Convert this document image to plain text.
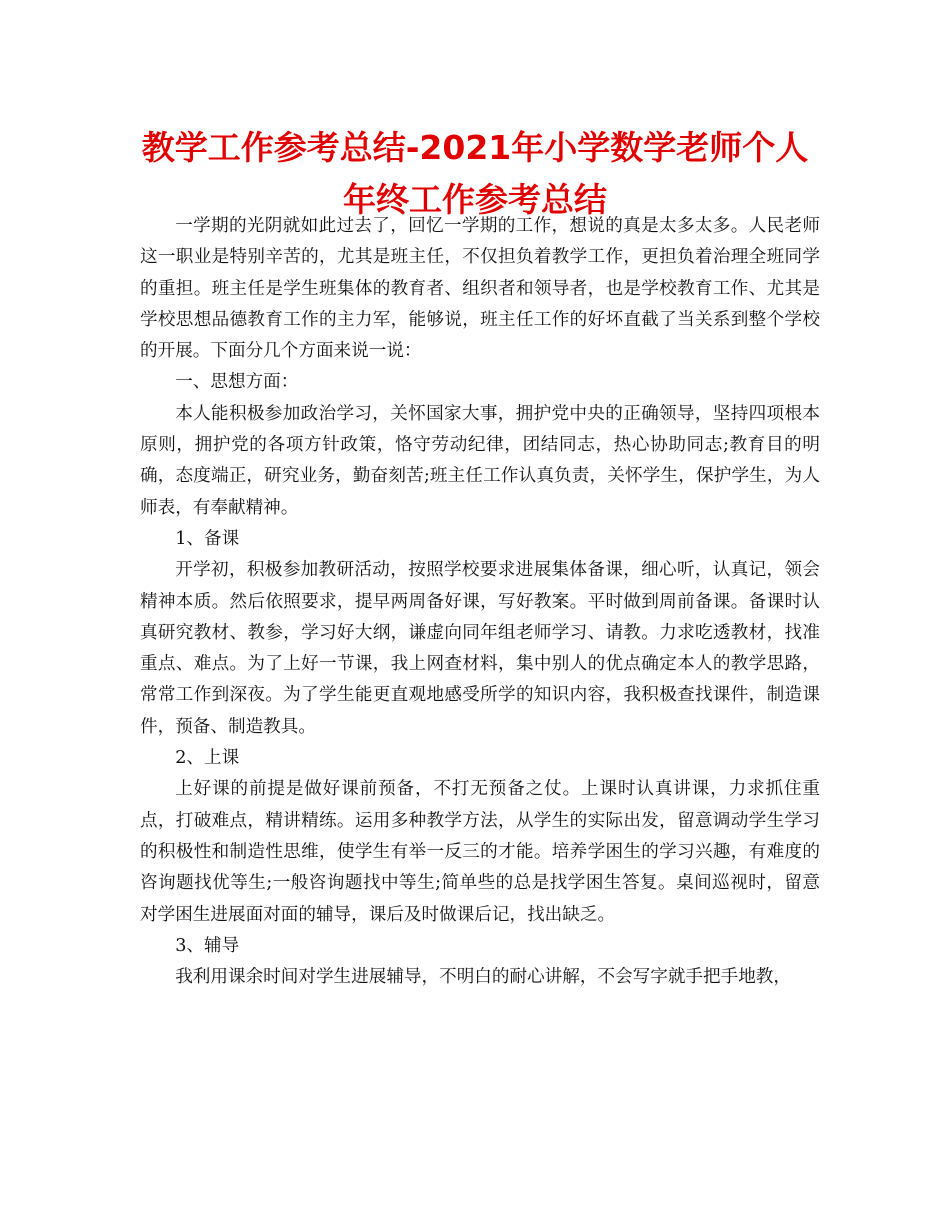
教学工作参考总结-2021年小学数学老师个人年终工作参考总结

一学期的光阴就如此过去了，回忆一学期的工作，想说的真是太多太多。人民老师这一职业是特别辛苦的，尤其是班主任，不仅担负着教学工作，更担负着治理全班同学的重担。班主任是学生班集体的教育者、组织者和领导者，也是学校教育工作、尤其是学校思想品德教育工作的主力军，能够说，班主任工作的好坏直截了当关系到整个学校的开展。下面分几个方面来说一说：

一、思想方面：

本人能积极参加政治学习，关怀国家大事，拥护党中央的正确领导，坚持四项根本原则，拥护党的各项方针政策，恪守劳动纪律，团结同志，热心协助同志;教育目的明确，态度端正，研究业务，勤奋刻苦;班主任工作认真负责，关怀学生，保护学生，为人师表，有奉献精神。

1、备课

开学初，积极参加教研活动，按照学校要求进展集体备课，细心听，认真记，领会精神本质。然后依照要求，提早两周备好课，写好教案。平时做到周前备课。备课时认真研究教材、教参，学习好大纲，谦虚向同年组老师学习、请教。力求吃透教材，找准重点、难点。为了上好一节课，我上网查材料，集中别人的优点确定本人的教学思路，常常工作到深夜。为了学生能更直观地感受所学的知识内容，我积极查找课件，制造课件，预备、制造教具。

2、上课

上好课的前提是做好课前预备，不打无预备之仗。上课时认真讲课，力求抓住重点，打破难点，精讲精练。运用多种教学方法，从学生的实际出发，留意调动学生学习的积极性和制造性思维，使学生有举一反三的才能。培养学困生的学习兴趣，有难度的咨询题找优等生;一般咨询题找中等生;简单些的总是找学困生答复。桌间巡视时，留意对学困生进展面对面的辅导，课后及时做课后记，找出缺乏。

3、辅导

我利用课余时间对学生进展辅导，不明白的耐心讲解，不会写字就手把手地教，
